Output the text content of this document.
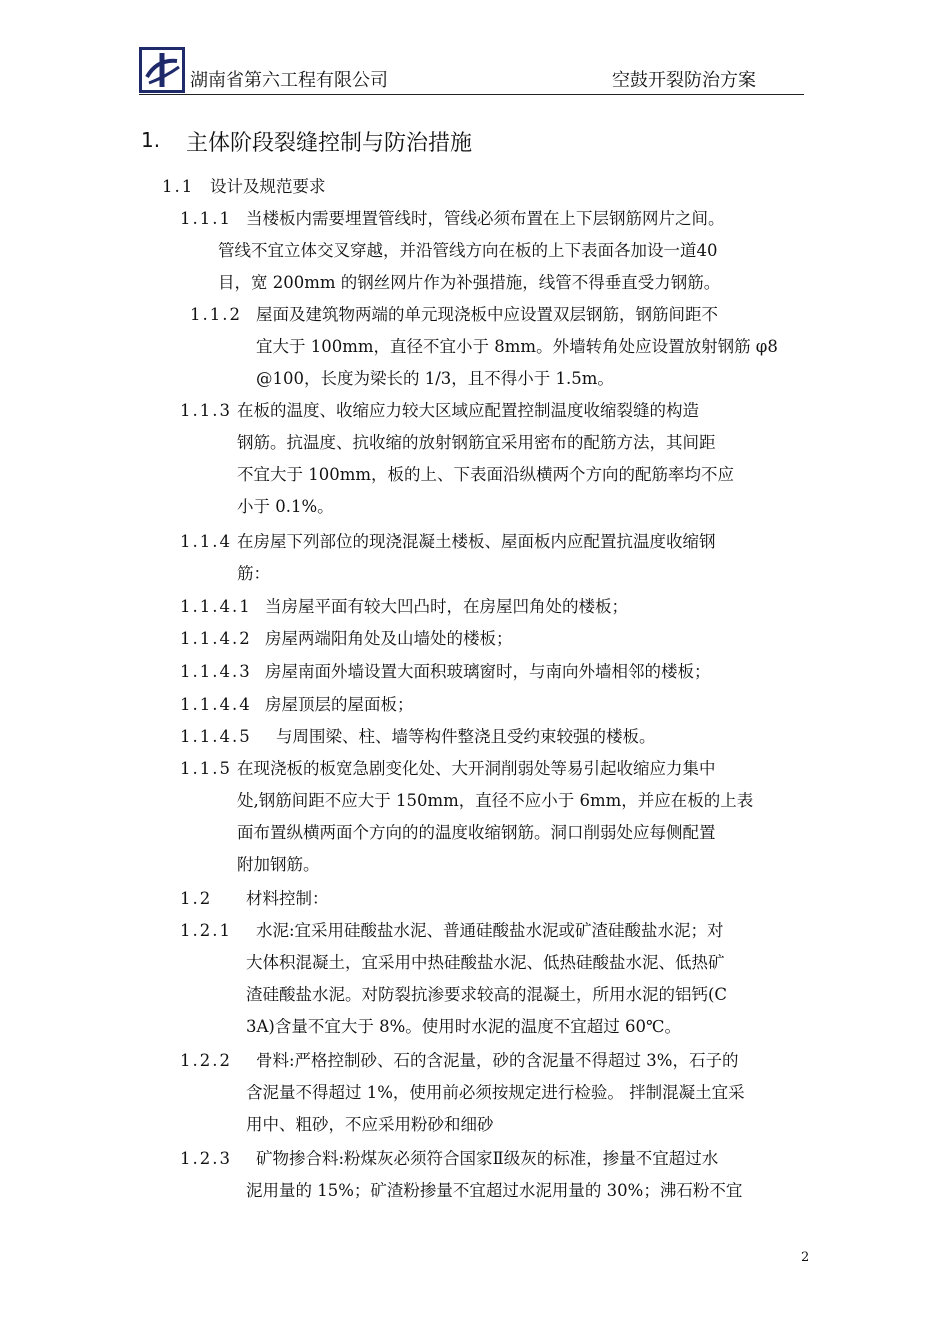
湖南省第六工程有限公司	空鼓开裂防治方案
1. 主体阶段裂缝控制与防治措施
1.1 设计及规范要求
1.1.1 当楼板内需要埋置管线时，管线必须布置在上下层钢筋网片之间。
管线不宜立体交叉穿越，并沿管线方向在板的上下表面各加设一道40
目，宽 200mm 的钢丝网片作为补强措施，线管不得垂直受力钢筋。
1.1.2 屋面及建筑物两端的单元现浇板中应设置双层钢筋，钢筋间距不
宜大于 100mm，直径不宜小于 8mm。外墙转角处应设置放射钢筋 φ8
@100，长度为梁长的 1/3，且不得小于 1.5m。
1.1.3 在板的温度、收缩应力较大区域应配置控制温度收缩裂缝的构造
钢筋。抗温度、抗收缩的放射钢筋宜采用密布的配筋方法，其间距
不宜大于 100mm，板的上、下表面沿纵横两个方向的配筋率均不应
小于 0.1%。
1.1.4 在房屋下列部位的现浇混凝土楼板、屋面板内应配置抗温度收缩钢
筋：
1.1.4.1 当房屋平面有较大凹凸时，在房屋凹角处的楼板；
1.1.4.2 房屋两端阳角处及山墙处的楼板；
1.1.4.3 房屋南面外墙设置大面积玻璃窗时，与南向外墙相邻的楼板；
1.1.4.4 房屋顶层的屋面板；
1.1.4.5 与周围梁、柱、墙等构件整浇且受约束较强的楼板。
1.1.5 在现浇板的板宽急剧变化处、大开洞削弱处等易引起收缩应力集中
处,钢筋间距不应大于 150mm，直径不应小于 6mm，并应在板的上表
面布置纵横两面个方向的的温度收缩钢筋。洞口削弱处应每侧配置
附加钢筋。
1.2 材料控制：
1.2.1 水泥:宜采用硅酸盐水泥、普通硅酸盐水泥或矿渣硅酸盐水泥；对
大体积混凝土，宜采用中热硅酸盐水泥、低热硅酸盐水泥、低热矿
渣硅酸盐水泥。对防裂抗渗要求较高的混凝土，所用水泥的铝钙(C
3A)含量不宜大于 8%。使用时水泥的温度不宜超过 60℃。
1.2.2 骨料:严格控制砂、石的含泥量，砂的含泥量不得超过 3%，石子的
含泥量不得超过 1%，使用前必须按规定进行检验。 拌制混凝土宜采
用中、粗砂，不应采用粉砂和细砂
1.2.3 矿物掺合料:粉煤灰必须符合国家Ⅱ级灰的标准，掺量不宜超过水
泥用量的 15%；矿渣粉掺量不宜超过水泥用量的 30%；沸石粉不宜
2
